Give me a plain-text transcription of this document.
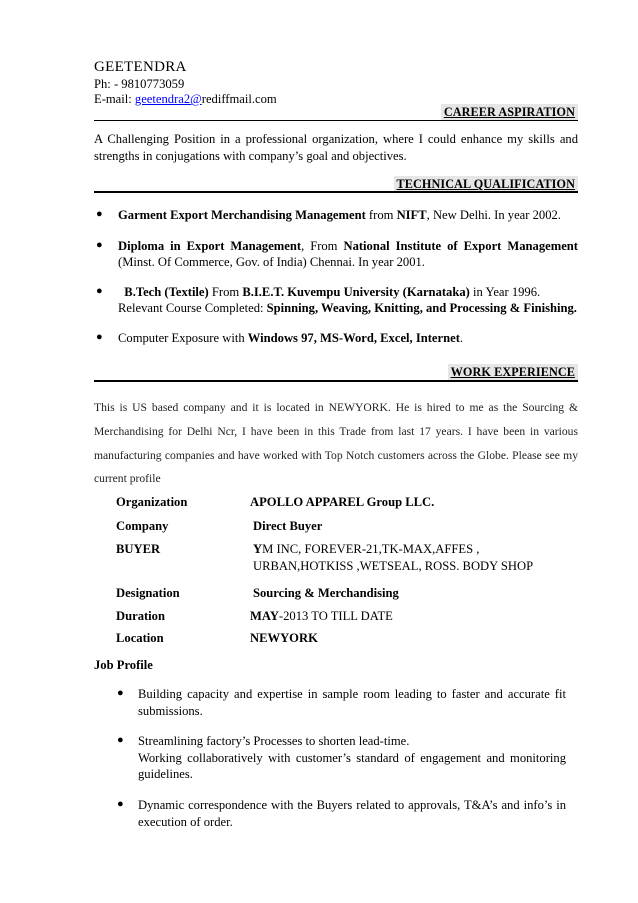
GEETENDRA
Ph: - 9810773059
E-mail: geetendra2@rediffmail.com
CAREER ASPIRATION
A Challenging Position in a professional organization, where I could enhance my skills and strengths in conjugations with company’s goal and objectives.
TECHNICAL QUALIFICATION
● Garment Export Merchandising Management from NIFT, New Delhi. In year 2002.
● Diploma in Export Management, From National Institute of Export Management (Minst. Of Commerce, Gov. of India) Chennai. In year 2001.
● B.Tech (Textile) From B.I.E.T. Kuvempu University (Karnataka) in Year 1996.
Relevant Course Completed: Spinning, Weaving, Knitting, and Processing & Finishing.
● Computer Exposure with Windows 97, MS-Word, Excel, Internet.
WORK EXPERIENCE
This is US based company and it is located in NEWYORK. He is hired to me as the Sourcing & Merchandising for Delhi Ncr, I have been in this Trade from last 17 years. I have been in various manufacturing companies and have worked with Top Notch customers across the Globe. Please see my current profile
Organization	APOLLO APPAREL Group LLC.
Company	Direct Buyer
BUYER	YM INC, FOREVER-21,TK-MAX,AFFES ,
URBAN,HOTKISS ,WETSEAL, ROSS. BODY SHOP
Designation	Sourcing & Merchandising
Duration	MAY-2013 TO TILL DATE
Location	NEWYORK
Job Profile
● Building capacity and expertise in sample room leading to faster and accurate fit submissions.
● Streamlining factory’s Processes to shorten lead-time.
Working collaboratively with customer’s standard of engagement and monitoring guidelines.
● Dynamic correspondence with the Buyers related to approvals, T&A’s and info’s in execution of order.
